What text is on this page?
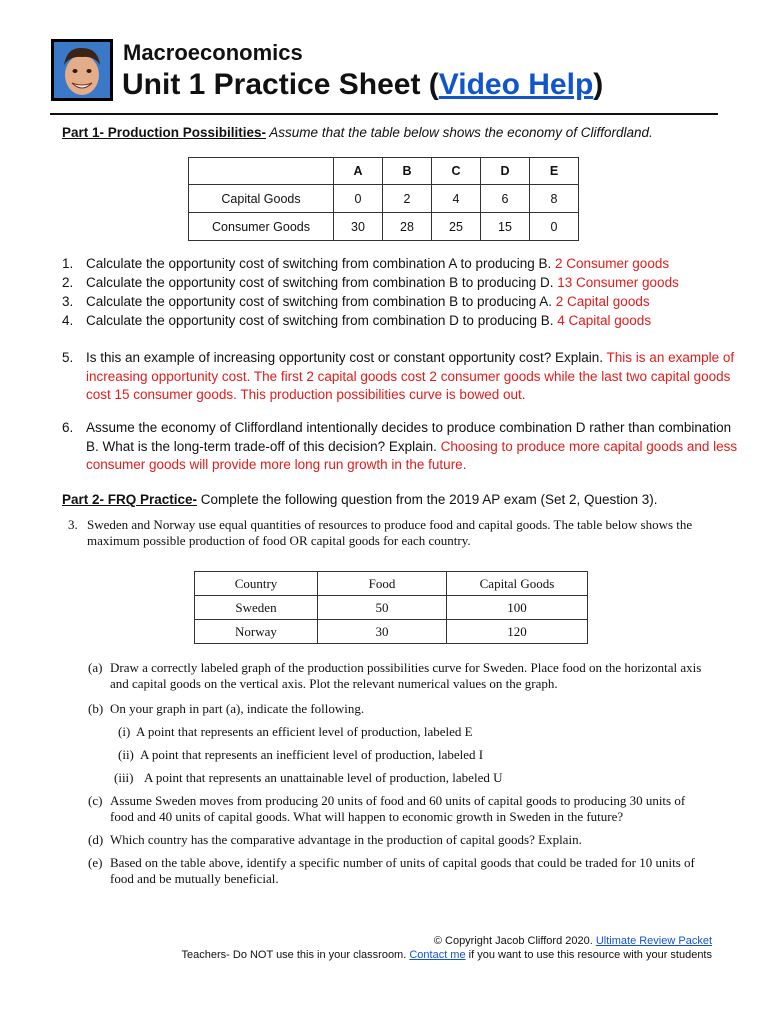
Macroeconomics
Unit 1 Practice Sheet (Video Help)
Part 1- Production Possibilities- Assume that the table below shows the economy of Cliffordland.
	A	B	C	D	E
Capital Goods	0	2	4	6	8
Consumer Goods	30	28	25	15	0
1. Calculate the opportunity cost of switching from combination A to producing B. 2 Consumer goods
2. Calculate the opportunity cost of switching from combination B to producing D. 13 Consumer goods
3. Calculate the opportunity cost of switching from combination B to producing A. 2 Capital goods
4. Calculate the opportunity cost of switching from combination D to producing B. 4 Capital goods
5. Is this an example of increasing opportunity cost or constant opportunity cost? Explain. This is an example of increasing opportunity cost. The first 2 capital goods cost 2 consumer goods while the last two capital goods cost 15 consumer goods. This production possibilities curve is bowed out.
6. Assume the economy of Cliffordland intentionally decides to produce combination D rather than combination B. What is the long-term trade-off of this decision? Explain. Choosing to produce more capital goods and less consumer goods will provide more long run growth in the future.
Part 2- FRQ Practice- Complete the following question from the 2019 AP exam (Set 2, Question 3).
3. Sweden and Norway use equal quantities of resources to produce food and capital goods. The table below shows the maximum possible production of food OR capital goods for each country.
Country	Food	Capital Goods
Sweden	50	100
Norway	30	120
(a) Draw a correctly labeled graph of the production possibilities curve for Sweden. Place food on the horizontal axis and capital goods on the vertical axis. Plot the relevant numerical values on the graph.
(b) On your graph in part (a), indicate the following.
(i) A point that represents an efficient level of production, labeled E
(ii) A point that represents an inefficient level of production, labeled I
(iii) A point that represents an unattainable level of production, labeled U
(c) Assume Sweden moves from producing 20 units of food and 60 units of capital goods to producing 30 units of food and 40 units of capital goods. What will happen to economic growth in Sweden in the future?
(d) Which country has the comparative advantage in the production of capital goods? Explain.
(e) Based on the table above, identify a specific number of units of capital goods that could be traded for 10 units of food and be mutually beneficial.
© Copyright Jacob Clifford 2020. Ultimate Review Packet
Teachers- Do NOT use this in your classroom. Contact me if you want to use this resource with your students
